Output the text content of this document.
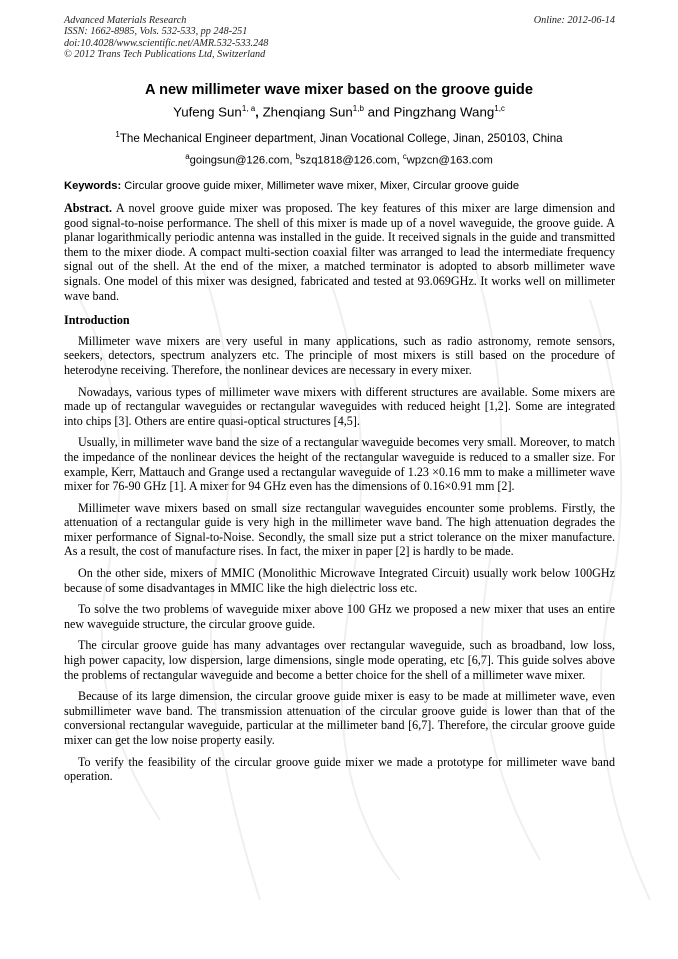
Advanced Materials Research
ISSN: 1662-8985, Vols. 532-533, pp 248-251
doi:10.4028/www.scientific.net/AMR.532-533.248
© 2012 Trans Tech Publications Ltd, Switzerland
Online: 2012-06-14
A new millimeter wave mixer based on the groove guide
Yufeng Sun$^{1, a}$, Zhenqiang Sun$^{1,b}$ and Pingzhang Wang$^{1,c}$
$^1$The Mechanical Engineer department, Jinan Vocational College, Jinan, 250103, China
$^a$goingsun@126.com, $^b$szq1818@126.com, $^c$wpzcn@163.com
Keywords: Circular groove guide mixer, Millimeter wave mixer, Mixer, Circular groove guide

Abstract. A novel groove guide mixer was proposed. The key features of this mixer are large dimension and good signal-to-noise performance. The shell of this mixer is made up of a novel waveguide, the groove guide. A planar logarithmically periodic antenna was installed in the guide. It received signals in the guide and transmitted them to the mixer diode. A compact multi-section coaxial filter was arranged to lead the intermediate frequency signal out of the shell. At the end of the mixer, a matched terminator is adopted to absorb millimeter wave signals. One model of this mixer was designed, fabricated and tested at 93.069GHz. It works well on millimeter wave band.

Introduction

Millimeter wave mixers are very useful in many applications, such as radio astronomy, remote sensors, seekers, detectors, spectrum analyzers etc. The principle of most mixers is still based on the procedure of heterodyne receiving. Therefore, the nonlinear devices are necessary in every mixer.

Nowadays, various types of millimeter wave mixers with different structures are available. Some mixers are made up of rectangular waveguides or rectangular waveguides with reduced height [1,2]. Some are integrated into chips [3]. Others are entire quasi-optical structures [4,5].

Usually, in millimeter wave band the size of a rectangular waveguide becomes very small. Moreover, to match the impedance of the nonlinear devices the height of the rectangular waveguide is reduced to a smaller size. For example, Kerr, Mattauch and Grange used a rectangular waveguide of 1.23 ×0.16 mm to make a millimeter wave mixer for 76-90 GHz [1]. A mixer for 94 GHz even has the dimensions of 0.16×0.91 mm [2].

Millimeter wave mixers based on small size rectangular waveguides encounter some problems. Firstly, the attenuation of a rectangular guide is very high in the millimeter wave band. The high attenuation degrades the mixer performance of Signal-to-Noise. Secondly, the small size put a strict tolerance on the mixer manufacture. As a result, the cost of manufacture rises. In fact, the mixer in paper [2] is hardly to be made.

On the other side, mixers of MMIC (Monolithic Microwave Integrated Circuit) usually work below 100GHz because of some disadvantages in MMIC like the high dielectric loss etc.

To solve the two problems of waveguide mixer above 100 GHz we proposed a new mixer that uses an entire new waveguide structure, the circular groove guide.

The circular groove guide has many advantages over rectangular waveguide, such as broadband, low loss, high power capacity, low dispersion, large dimensions, single mode operating, etc [6,7]. This guide solves above the problems of rectangular waveguide and become a better choice for the shell of a millimeter wave mixer.

Because of its large dimension, the circular groove guide mixer is easy to be made at millimeter wave, even submillimeter wave band. The transmission attenuation of the circular groove guide is lower than that of the conversional rectangular waveguide, particular at the millimeter band [6,7]. Therefore, the circular groove guide mixer can get the low noise property easily.

To verify the feasibility of the circular groove guide mixer we made a prototype for millimeter wave band operation.
